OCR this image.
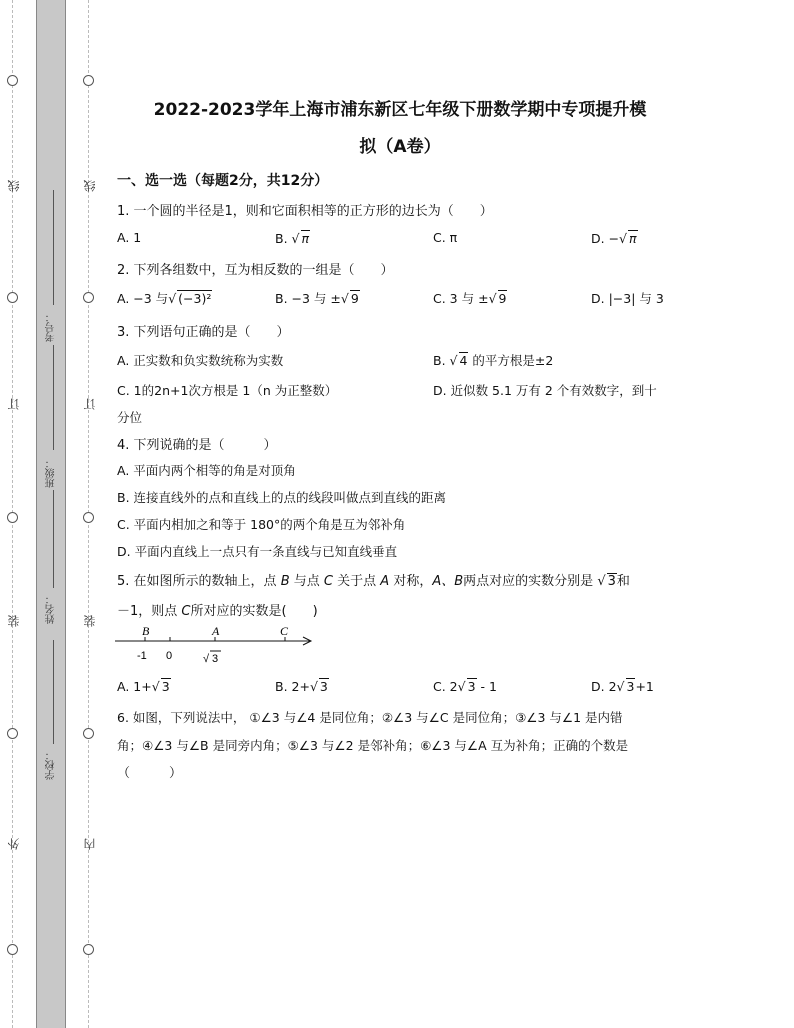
线
订
装
外
线
订
装
内
考号：
班级：
姓名：
学校：
2022-2023学年上海市浦东新区七年级下册数学期中专项提升模
拟（A卷）
一、选一选（每题2分，共12分）
1. 一个圆的半径是1，则和它面积相等的正方形的边长为（　　）
A. 1	B. √ π	C. π	D. −√ π
2. 下列各组数中，互为相反数的一组是（　　）
A. −3 与√ (−3)²	B. −3 与 ±√ 9	C. 3 与 ±√ 9	D. |−3| 与 3
3. 下列语句正确的是（　　）
A. 正实数和负实数统称为实数	B. √ 4 的平方根是±2
C. 1的2n+1次方根是 1（n 为正整数）	D. 近似数 5.1 万有 2 个有效数字，到十
分位
4. 下列说确的是（　　　）
A. 平面内两个相等的角是对顶角
B. 连接直线外的点和直线上的点的线段叫做点到直线的距离
C. 平面内相加之和等于 180°的两个角是互为邻补角
D. 平面内直线上一点只有一条直线与已知直线垂直
5. 在如图所示的数轴上，点 B 与点 C 关于点 A 对称，A、B两点对应的实数分别是 √ 3和
－1，则点 C所对应的实数是(　　)
B	A	C
-1 0	√ 3
A. 1+√ 3	B. 2+√ 3	C. 2√ 3 - 1	D. 2√ 3+1
6. 如图，下列说法中， ①∠3 与∠4 是同位角；②∠3 与∠C 是同位角；③∠3 与∠1 是内错
角；④∠3 与∠B 是同旁内角；⑤∠3 与∠2 是邻补角；⑥∠3 与∠A 互为补角；正确的个数是
（　　　）
